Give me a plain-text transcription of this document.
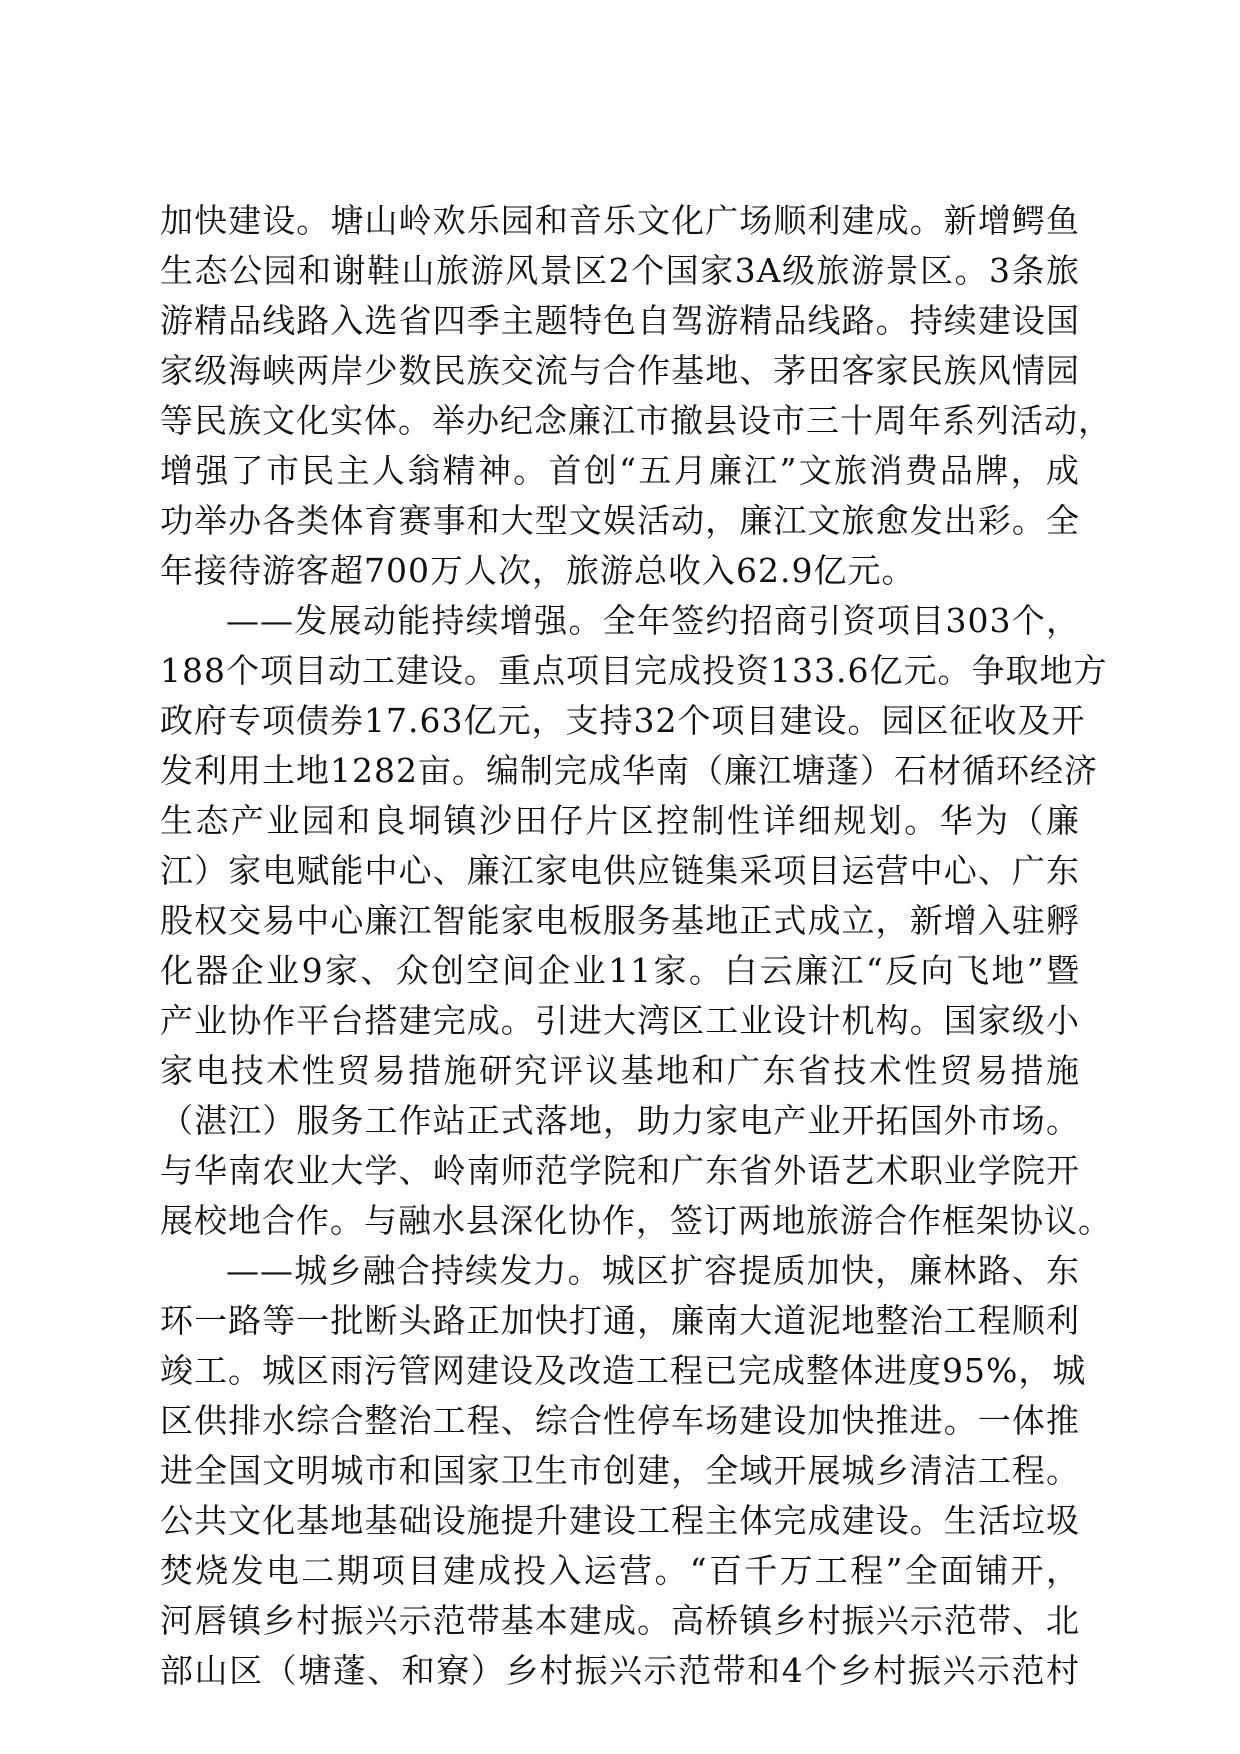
加快建设。塘山岭欢乐园和音乐文化广场顺利建成。新增鳄鱼
生态公园和谢鞋山旅游风景区2个国家3A级旅游景区。3条旅
游精品线路入选省四季主题特色自驾游精品线路。持续建设国
家级海峡两岸少数民族交流与合作基地、茅田客家民族风情园
等民族文化实体。举办纪念廉江市撤县设市三十周年系列活动，
增强了市民主人翁精神。首创“五月廉江”文旅消费品牌，成
功举办各类体育赛事和大型文娱活动，廉江文旅愈发出彩。全
年接待游客超700万人次，旅游总收入62.9亿元。
——发展动能持续增强。全年签约招商引资项目303个，
188个项目动工建设。重点项目完成投资133.6亿元。争取地方
政府专项债券17.63亿元，支持32个项目建设。园区征收及开
发利用土地1282亩。编制完成华南（廉江塘蓬）石材循环经济
生态产业园和良垌镇沙田仔片区控制性详细规划。华为（廉
江）家电赋能中心、廉江家电供应链集采项目运营中心、广东
股权交易中心廉江智能家电板服务基地正式成立，新增入驻孵
化器企业9家、众创空间企业11家。白云廉江“反向飞地”暨
产业协作平台搭建完成。引进大湾区工业设计机构。国家级小
家电技术性贸易措施研究评议基地和广东省技术性贸易措施
（湛江）服务工作站正式落地，助力家电产业开拓国外市场。
与华南农业大学、岭南师范学院和广东省外语艺术职业学院开
展校地合作。与融水县深化协作，签订两地旅游合作框架协议。
——城乡融合持续发力。城区扩容提质加快，廉林路、东
环一路等一批断头路正加快打通，廉南大道泥地整治工程顺利
竣工。城区雨污管网建设及改造工程已完成整体进度95%，城
区供排水综合整治工程、综合性停车场建设加快推进。一体推
进全国文明城市和国家卫生市创建，全域开展城乡清洁工程。
公共文化基地基础设施提升建设工程主体完成建设。生活垃圾
焚烧发电二期项目建成投入运营。“百千万工程”全面铺开，
河唇镇乡村振兴示范带基本建成。高桥镇乡村振兴示范带、北
部山区（塘蓬、和寮）乡村振兴示范带和4个乡村振兴示范村
